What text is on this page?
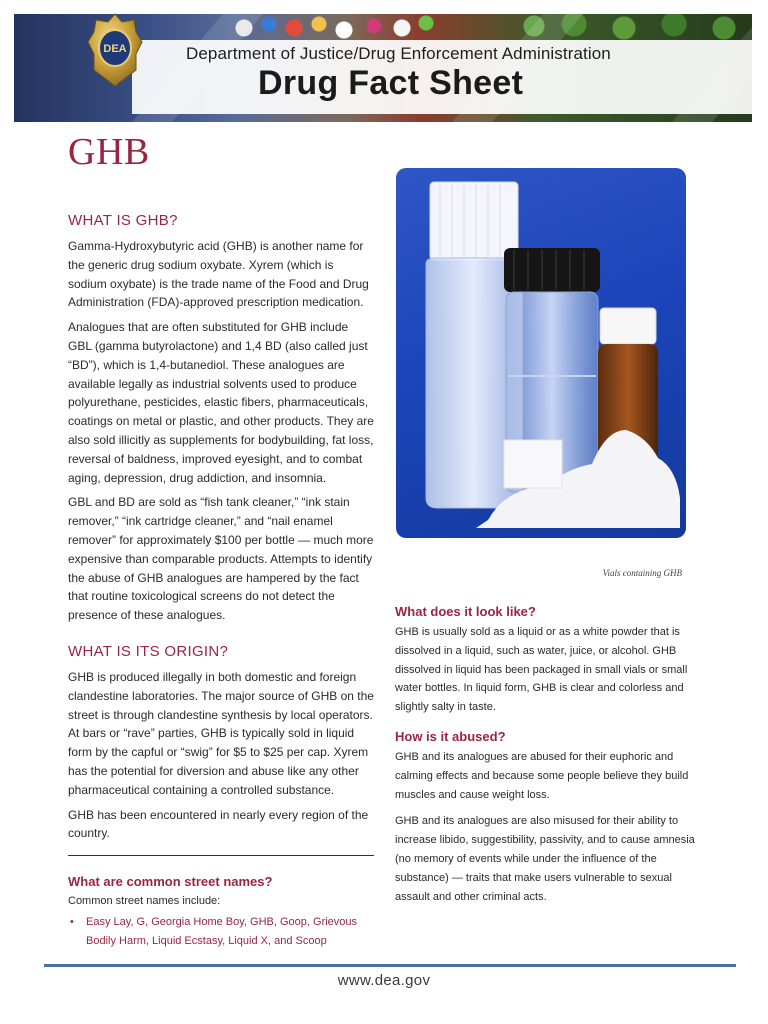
Department of Justice/Drug Enforcement Administration
Drug Fact Sheet
DEA
GHB
WHAT IS GHB?

Gamma-Hydroxybutyric acid (GHB) is another name for the generic drug sodium oxybate. Xyrem (which is sodium oxybate) is the trade name of the Food and Drug Administration (FDA)-approved prescription medication.

Analogues that are often substituted for GHB include GBL (gamma butyrolactone) and 1,4 BD (also called just “BD”), which is 1,4-butanediol. These analogues are available legally as industrial solvents used to produce polyurethane, pesticides, elastic fibers, pharmaceuticals, coatings on metal or plastic, and other products. They are also sold illicitly as supplements for bodybuilding, fat loss, reversal of baldness, improved eyesight, and to combat aging, depression, drug addiction, and insomnia.

GBL and BD are sold as “fish tank cleaner,” “ink stain remover,” “ink cartridge cleaner,” and “nail enamel remover” for approximately $100 per bottle — much more expensive than comparable products. Attempts to identify the abuse of GHB analogues are hampered by the fact that routine toxicological screens do not detect the presence of these analogues.

WHAT IS ITS ORIGIN?

GHB is produced illegally in both domestic and foreign clandestine laboratories. The major source of GHB on the street is through clandestine synthesis by local operators. At bars or “rave” parties, GHB is typically sold in liquid form by the capful or “swig” for $5 to $25 per cap. Xyrem has the potential for diversion and abuse like any other pharmaceutical containing a controlled substance.

GHB has been encountered in nearly every region of the country.

What are common street names?

Common street names include:

• Easy Lay, G, Georgia Home Boy, GHB, Goop, Grievous Bodily Harm, Liquid Ecstasy, Liquid X, and Scoop
Vials containing GHB
What does it look like?

GHB is usually sold as a liquid or as a white powder that is dissolved in a liquid, such as water, juice, or alcohol. GHB dissolved in liquid has been packaged in small vials or small water bottles. In liquid form, GHB is clear and colorless and slightly salty in taste.

How is it abused?

GHB and its analogues are abused for their euphoric and calming effects and because some people believe they build muscles and cause weight loss.

GHB and its analogues are also misused for their ability to increase libido, suggestibility, passivity, and to cause amnesia (no memory of events while under the influence of the substance) — traits that make users vulnerable to sexual assault and other criminal acts.

www.dea.gov
